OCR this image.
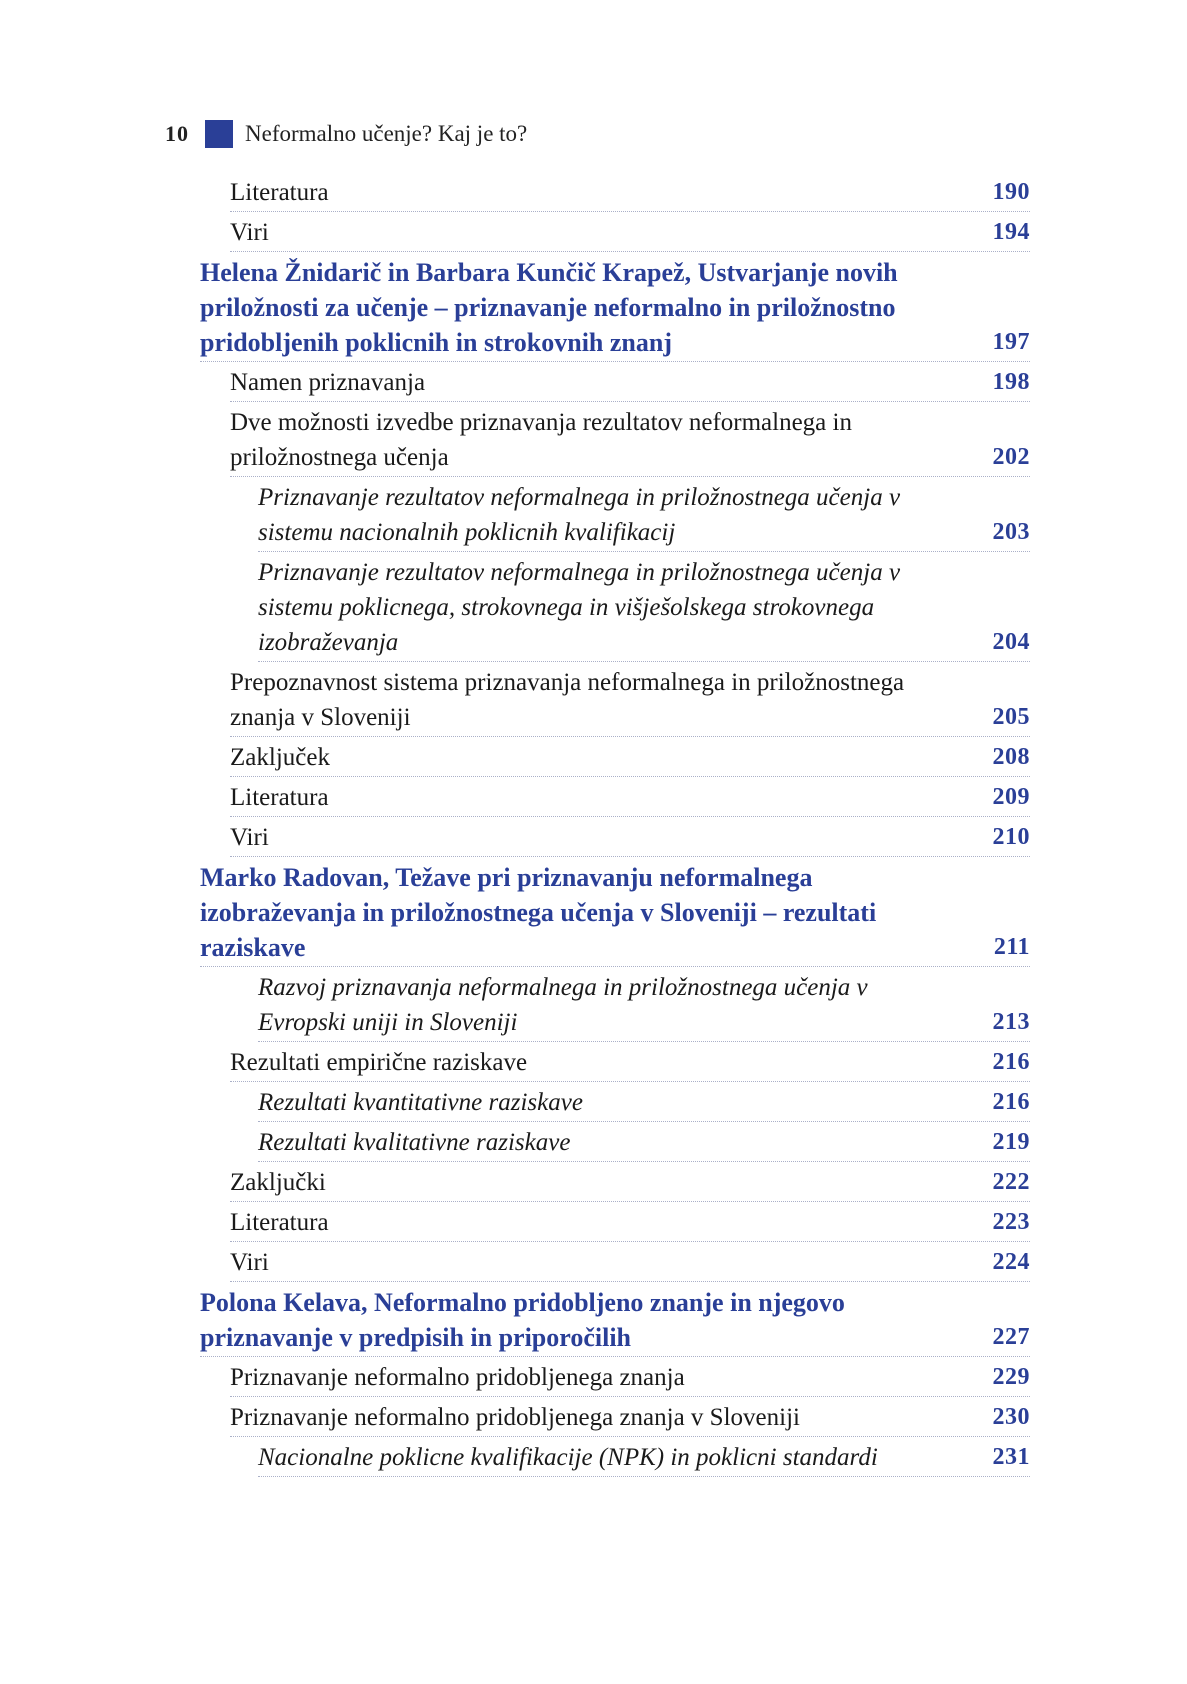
10	Neformalno učenje? Kaj je to?
Literatura	190
Viri	194
Helena Žnidarič in Barbara Kunčič Krapež, Ustvarjanje novih priložnosti za učenje – priznavanje neformalno in priložnostno pridobljenih poklicnih in strokovnih znanj	197
Namen priznavanja	198
Dve možnosti izvedbe priznavanja rezultatov neformalnega in priložnostnega učenja	202
Priznavanje rezultatov neformalnega in priložnostnega učenja v sistemu nacionalnih poklicnih kvalifikacij	203
Priznavanje rezultatov neformalnega in priložnostnega učenja v sistemu poklicnega, strokovnega in višješolskega strokovnega izobraževanja	204
Prepoznavnost sistema priznavanja neformalnega in priložnostnega znanja v Sloveniji	205
Zaključek	208
Literatura	209
Viri	210
Marko Radovan, Težave pri priznavanju neformalnega izobraževanja in priložnostnega učenja v Sloveniji – rezultati raziskave	211
Razvoj priznavanja neformalnega in priložnostnega učenja v Evropski uniji in Sloveniji	213
Rezultati empirične raziskave	216
Rezultati kvantitativne raziskave	216
Rezultati kvalitativne raziskave	219
Zaključki	222
Literatura	223
Viri	224
Polona Kelava, Neformalno pridobljeno znanje in njegovo priznavanje v predpisih in priporočilih	227
Priznavanje neformalno pridobljenega znanja	229
Priznavanje neformalno pridobljenega znanja v Sloveniji	230
Nacionalne poklicne kvalifikacije (NPK) in poklicni standardi	231
